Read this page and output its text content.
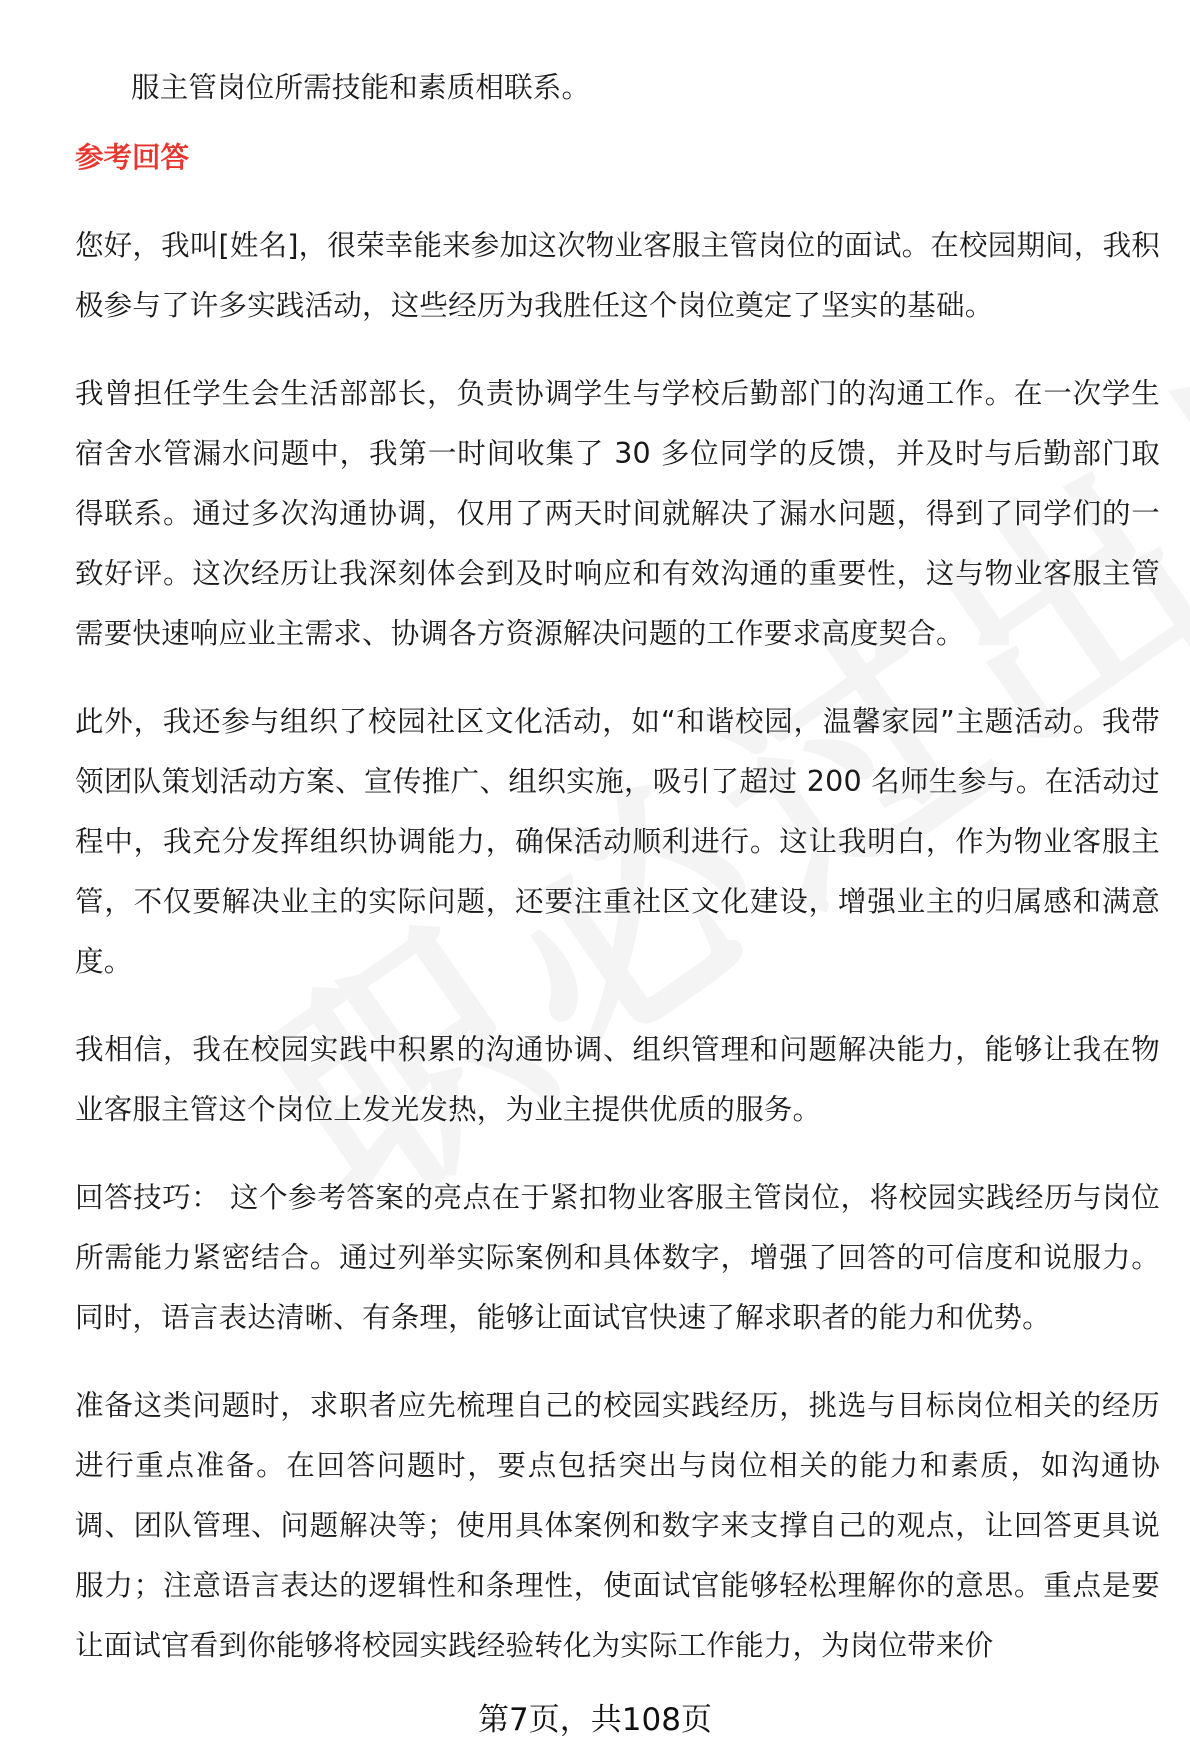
服主管岗位所需技能和素质相联系。

参考回答

您好，我叫[姓名]，很荣幸能来参加这次物业客服主管岗位的面试。在校园期间，我积极参与了许多实践活动，这些经历为我胜任这个岗位奠定了坚实的基础。

我曾担任学生会生活部部长，负责协调学生与学校后勤部门的沟通工作。在一次学生宿舍水管漏水问题中，我第一时间收集了 30 多位同学的反馈，并及时与后勤部门取得联系。通过多次沟通协调，仅用了两天时间就解决了漏水问题，得到了同学们的一致好评。这次经历让我深刻体会到及时响应和有效沟通的重要性，这与物业客服主管需要快速响应业主需求、协调各方资源解决问题的工作要求高度契合。

此外，我还参与组织了校园社区文化活动，如“和谐校园，温馨家园”主题活动。我带领团队策划活动方案、宣传推广、组织实施，吸引了超过 200 名师生参与。在活动过程中，我充分发挥组织协调能力，确保活动顺利进行。这让我明白，作为物业客服主管，不仅要解决业主的实际问题，还要注重社区文化建设，增强业主的归属感和满意度。

我相信，我在校园实践中积累的沟通协调、组织管理和问题解决能力，能够让我在物业客服主管这个岗位上发光发热，为业主提供优质的服务。

回答技巧： 这个参考答案的亮点在于紧扣物业客服主管岗位，将校园实践经历与岗位所需能力紧密结合。通过列举实际案例和具体数字，增强了回答的可信度和说服力。同时，语言表达清晰、有条理，能够让面试官快速了解求职者的能力和优势。

准备这类问题时，求职者应先梳理自己的校园实践经历，挑选与目标岗位相关的经历进行重点准备。在回答问题时，要点包括突出与岗位相关的能力和素质，如沟通协调、团队管理、问题解决等；使用具体案例和数字来支撑自己的观点，让回答更具说服力；注意语言表达的逻辑性和条理性，使面试官能够轻松理解你的意思。重点是要让面试官看到你能够将校园实践经验转化为实际工作能力，为岗位带来价

第7页，共108页
